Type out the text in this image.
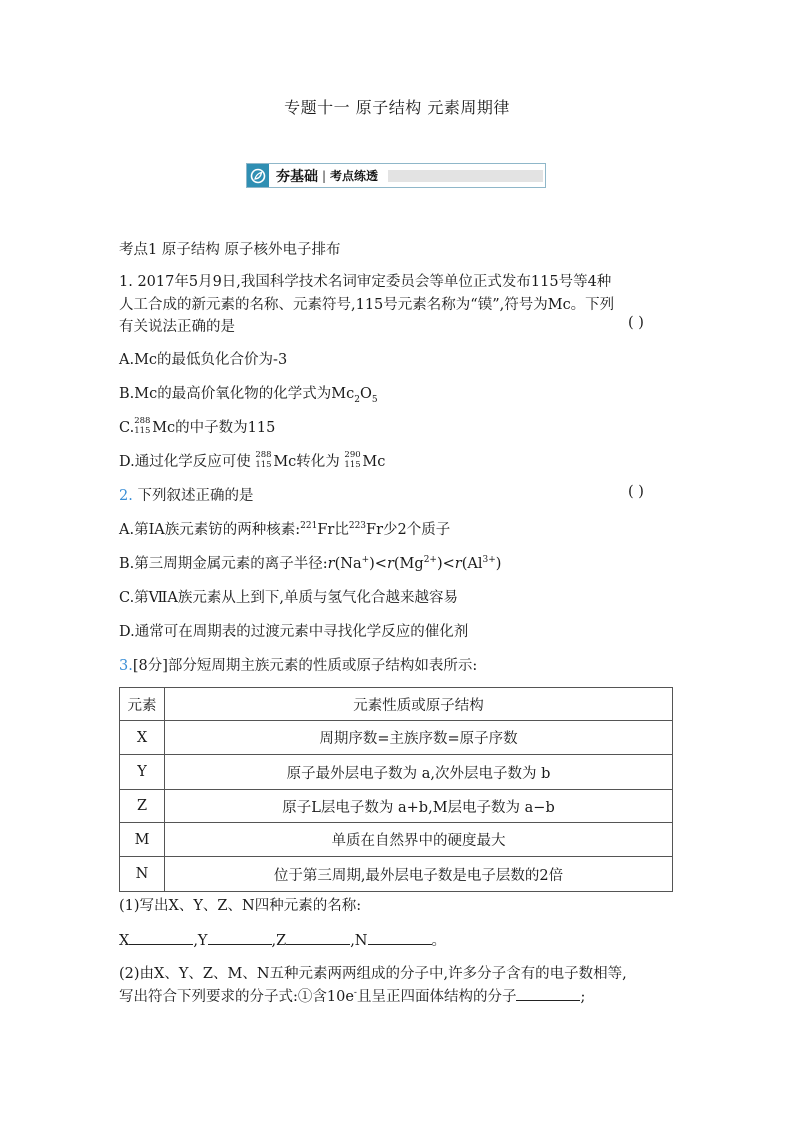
专题十一 原子结构 元素周期律
夯基础 | 考点练透
考点1 原子结构 原子核外电子排布
1. 2017年5月9日,我国科学技术名词审定委员会等单位正式发布115号等4种
人工合成的新元素的名称、元素符号,115号元素名称为“镆”,符号为Mc。下列
有关说法正确的是	( )
A.Mc的最低负化合价为-3
B.Mc的最高价氧化物的化学式为$Mc_2O_5$
C. 288
115 Mc的中子数为115
D.通过化学反应可使 288
115 Mc转化为 290
115 Mc
2. 下列叙述正确的是	( )
A.第ⅠA族元素钫的两种核素:$^{221}$Fr比$^{223}$Fr少2个质子
B.第三周期金属元素的离子半径$:r(Na^+)<r(Mg^{2+})<r(Al^{3+})$
C.第ⅦA族元素从上到下,单质与氢气化合越来越容易
D.通常可在周期表的过渡元素中寻找化学反应的催化剂
3.[8分]部分短周期主族元素的性质或原子结构如表所示:
元素	元素性质或原子结构
X	周期序数=主族序数=原子序数
Y	原子最外层电子数为 a,次外层电子数为 b
Z	原子L层电子数为 a+b,M层电子数为 a−b
M	单质在自然界中的硬度最大
N	位于第三周期,最外层电子数是电子层数的2倍
(1)写出X、Y、Z、N四种元素的名称:
X	,Y	,Z	,N	。
(2)由X、Y、Z、M、N五种元素两两组成的分子中,许多分子含有的电子数相等,
写出符合下列要求的分子式:①含10e-且呈正四面体结构的分子	;
